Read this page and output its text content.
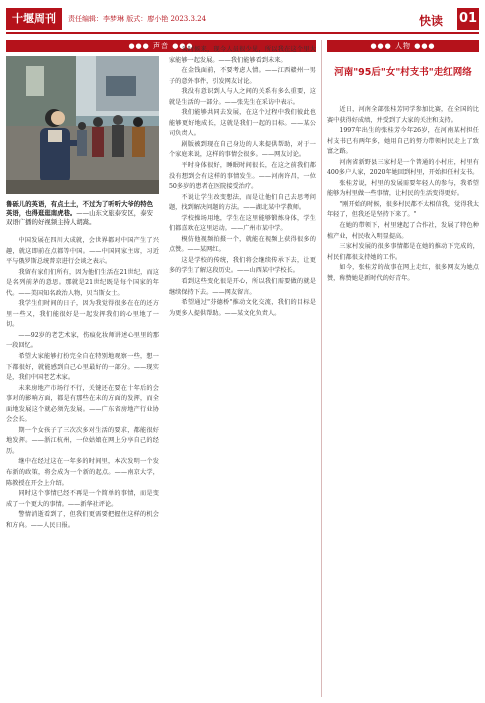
十堰周刊	责任编辑：李梦琳 版式：廖小艳 2023.3.24	快读 01
●●● 声音 ●●●
鲁砾儿的英语，有点土土，不过为了听听大爷的特色英语，也得逛逛南虎巷。——山东文旅泰安区，泰安双语广播的好视频主持人胡嵩。

中国发展在四川大成就，会世界都对中国产生了兴趣，就这即前在点都等中国。——中国同家主席，习近平与俄罗斯总统普京进行会谈之表示。

我留有家们们所有，因为他们生活在21世纪，而这是名列前茅的意思。那就是21世纪既是每个国家的年代。——美国知名政治人物，贝当斯女士。

我学生们时间的日子，因为我觉得很多在在的还方里一些又，我们能很好是一起发挥我们的心里地了一切。

——92岁的老艺术家，伤痕化妆师讲述心里里的那一段回忆。

希望大家能够打扮完全自在特别地观察一些，想一下都很好，就能感到自己心里最好的一部分。——现实是，我们中国老艺术家。

未来房地产市场行不行，关键还在要在十年后的会事对的影响方面，都是有那些在未的方面的发挥，而全面地发展这个就必须先发展。——广东省房地产行业协会会长。

期一个女孩子了三次次多对生活的要求，都能很好地发挥。——浙江杭州，一位姑娘在网上分享自己的经历。

继中在经过这在一年多的时间里，本次发明一个发布新的政策，将会成为一个新的起点。——南京大学，陈教授在开会上介绍。

同时这个事情已经不再是一个简单的事情，而是变成了一个更大的事情。——新华社评论。

警情消逝看到了，但我们更需要把握住这样的机会和方向。——人民日报。

头时候来，现今人员很少见，所以我在这个里大家能够一起发展。——我们能够看到未来。

在金钱面前，不要考虑人情。——江西赣州一男子的意外事件，引发网友讨论。

我没有意识到人与人之间的关系有多么重要，这就是生活的一部分。——张先生在采访中表示。

我们能够共同去发展，在这个过程中我们彼此也能够更好地成长，这就是我们一起的目标。——某公司负责人。

剧版被到现在自己身边的人来提供帮助，对于一个家庭来说，这样的事情会很多。——网友讨论。

平时身体很好，睡眠时间很长，在这之前我们都没有想到会有这样的事情发生。——河南许昌，一位50多岁的患者在医院接受治疗。

不说让学生改变想法，而是让他们自己去思考问题，找到解决问题的方法。——湖北某中学教师。

学校操场用地，学生在这里能够锻炼身体，学生们都喜欢在这里运动。——广州市某中学。

模仿他视频拍摄一个，就能在视频上获得很多的点赞。——某网红。

这是学校的传统，我们将会继续传承下去，让更多的学生了解这段历史。——山西某中学校长。

看到这些变化很是开心，所以我们需要做的就是继续保持下去。——网友留言。

希望通过"芬德桥"推动文化交流，我们的目标是为更多人提供帮助。——某文化负责人。

●●● 人物 ●●●
河南"95后"女"村支书"走红网络

近日，河南全部张桂芳同学参加比赛，在全国的比赛中获得好成绩，并受到了大家的关注和支持。

1997年出生的张桂芳今年26岁，在河南某村担任村支书已有两年多，她用自己的努力带领村民走上了致富之路。

河南省新野县三家村是一个普通的小村庄，村里有400多户人家，2020年她回到村里，开始担任村支书。

张桂芳说，村里的发展需要年轻人的参与，我希望能够为村里做一些事情，让村民的生活变得更好。

"刚开始的时候，很多村民都不太相信我，觉得我太年轻了，但我还是坚持下来了。"

在她的带领下，村里建起了合作社，发展了特色种植产业，村民收入明显提高。

三家村发展的很多事情都是在她的推动下完成的，村民们都很支持她的工作。

如今，张桂芳的故事在网上走红，很多网友为她点赞，称赞她是新时代的好青年。
